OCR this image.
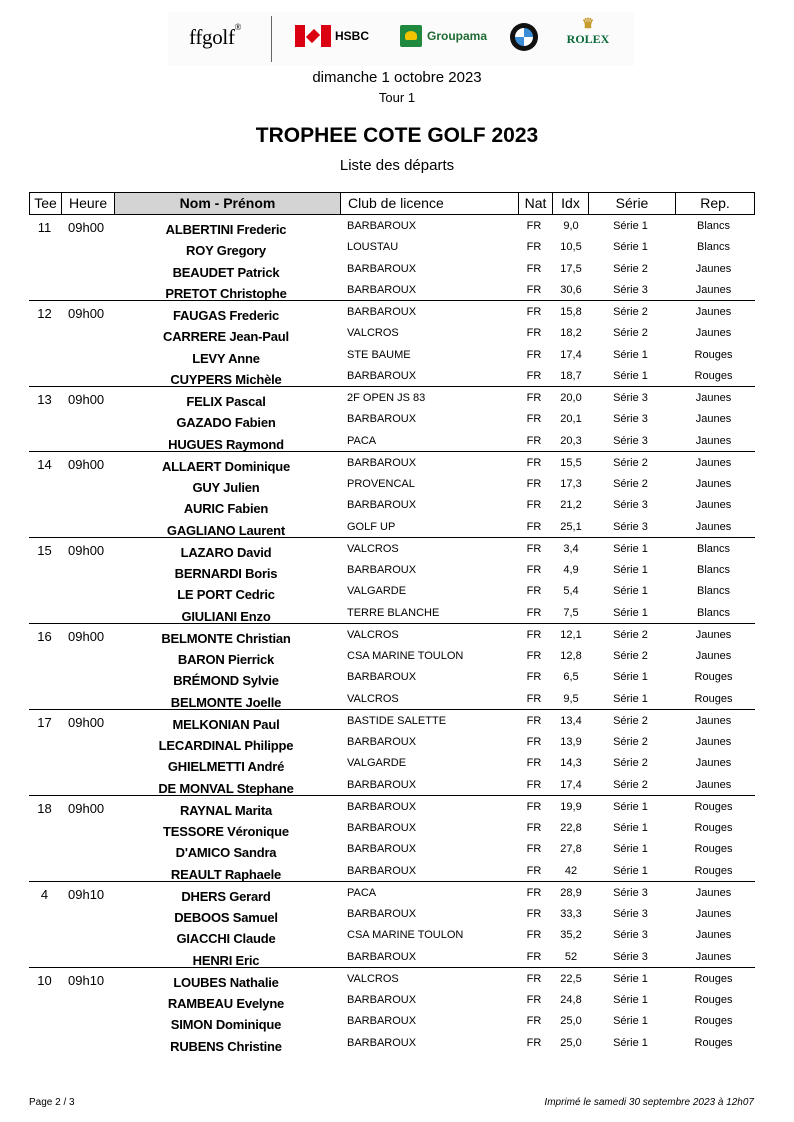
ffgolf®
HSBC	Groupama
♛
ROLEX
dimanche 1 octobre 2023
Tour 1
TROPHEE COTE GOLF 2023
Liste des départs
Tee Heure	Nom - Prénom	Club de licence	Nat	Idx	Série	Rep.
11	09h00	ALBERTINI Frederic	BARBAROUX	FR	9,0	Série 1	Blancs
ROY Gregory	LOUSTAU	FR	10,5	Série 1	Blancs
BEAUDET Patrick	BARBAROUX	FR	17,5	Série 2	Jaunes
PRETOT Christophe	BARBAROUX	FR	30,6	Série 3	Jaunes
12	09h00	FAUGAS Frederic	BARBAROUX	FR	15,8	Série 2	Jaunes
CARRERE Jean-Paul	VALCROS	FR	18,2	Série 2	Jaunes
LEVY Anne	STE BAUME	FR	17,4	Série 1	Rouges
CUYPERS Michèle	BARBAROUX	FR	18,7	Série 1	Rouges
13	09h00	FELIX Pascal	2F OPEN JS 83	FR	20,0	Série 3	Jaunes
GAZADO Fabien	BARBAROUX	FR	20,1	Série 3	Jaunes
HUGUES Raymond	PACA	FR	20,3	Série 3	Jaunes
14	09h00	ALLAERT Dominique	BARBAROUX	FR	15,5	Série 2	Jaunes
GUY Julien	PROVENCAL	FR	17,3	Série 2	Jaunes
AURIC Fabien	BARBAROUX	FR	21,2	Série 3	Jaunes
GAGLIANO Laurent	GOLF UP	FR	25,1	Série 3	Jaunes
15	09h00	LAZARO David	VALCROS	FR	3,4	Série 1	Blancs
BERNARDI Boris	BARBAROUX	FR	4,9	Série 1	Blancs
LE PORT Cedric	VALGARDE	FR	5,4	Série 1	Blancs
GIULIANI Enzo	TERRE BLANCHE	FR	7,5	Série 1	Blancs
16	09h00	BELMONTE Christian	VALCROS	FR	12,1	Série 2	Jaunes
BARON Pierrick	CSA MARINE TOULON	FR	12,8	Série 2	Jaunes
BRÉMOND Sylvie	BARBAROUX	FR	6,5	Série 1	Rouges
BELMONTE Joelle	VALCROS	FR	9,5	Série 1	Rouges
17	09h00	MELKONIAN Paul	BASTIDE SALETTE	FR	13,4	Série 2	Jaunes
LECARDINAL Philippe	BARBAROUX	FR	13,9	Série 2	Jaunes
GHIELMETTI André	VALGARDE	FR	14,3	Série 2	Jaunes
DE MONVAL Stephane	BARBAROUX	FR	17,4	Série 2	Jaunes
18	09h00	RAYNAL Marita	BARBAROUX	FR	19,9	Série 1	Rouges
TESSORE Véronique	BARBAROUX	FR	22,8	Série 1	Rouges
D'AMICO Sandra	BARBAROUX	FR	27,8	Série 1	Rouges
REAULT Raphaele	BARBAROUX	FR	42	Série 1	Rouges
4	09h10	DHERS Gerard	PACA	FR	28,9	Série 3	Jaunes
DEBOOS Samuel	BARBAROUX	FR	33,3	Série 3	Jaunes
GIACCHI Claude	CSA MARINE TOULON	FR	35,2	Série 3	Jaunes
HENRI Eric	BARBAROUX	FR	52	Série 3	Jaunes
10	09h10	LOUBES Nathalie	VALCROS	FR	22,5	Série 1	Rouges
RAMBEAU Evelyne	BARBAROUX	FR	24,8	Série 1	Rouges
SIMON Dominique	BARBAROUX	FR	25,0	Série 1	Rouges
RUBENS Christine	BARBAROUX	FR	25,0	Série 1	Rouges
Page 2 / 3	Imprimé le samedi 30 septembre 2023 à 12h07
